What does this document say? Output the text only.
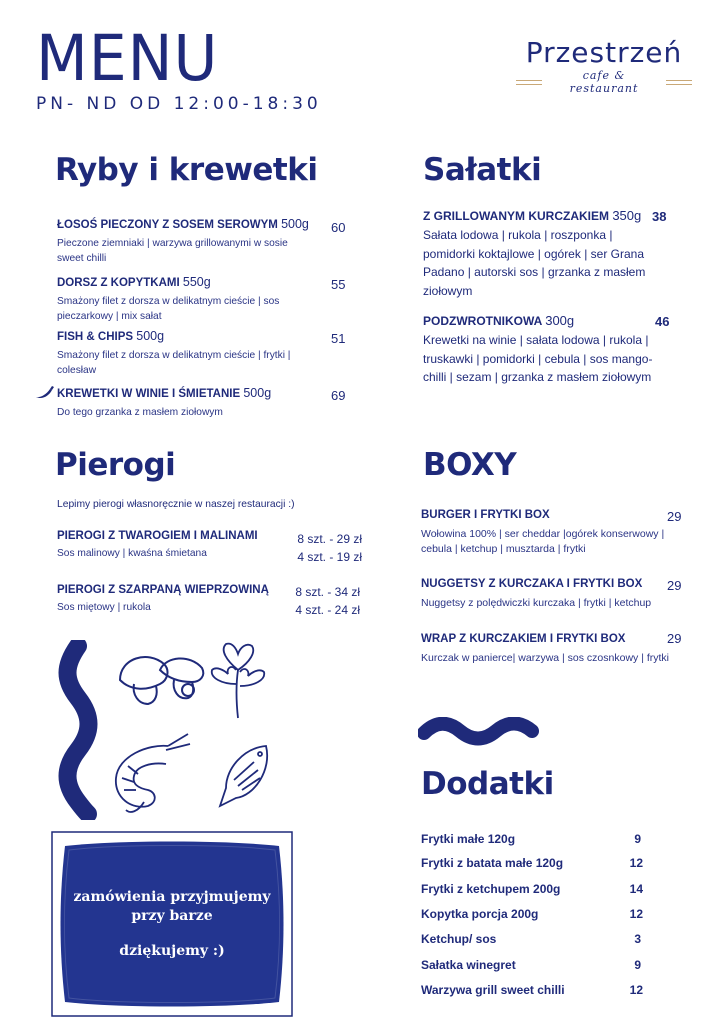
MENU
PN- ND OD 12:00-18:30
Przestrzeń
cafe & restaurant
Ryby i krewetki
ŁOSOŚ PIECZONY Z SOSEM SEROWYM 500g
Pieczone ziemniaki | warzywa grillowanymi w sosie sweet chilli
60
DORSZ Z KOPYTKAMI 550g
Smażony filet z dorsza w delikatnym cieście | sos pieczarkowy | mix sałat
55
FISH & CHIPS 500g
Smażony filet z dorsza w delikatnym cieście | frytki | colesław
51
KREWETKI W WINIE I ŚMIETANIE 500g
Do tego grzanka z masłem ziołowym
69
Sałatki
Z GRILLOWANYM KURCZAKIEM 350g
Sałata lodowa | rukola | roszponka | pomidorki koktajlowe | ogórek | ser Grana Padano | autorski sos | grzanka z masłem ziołowym
38
PODZWROTNIKOWA 300g
Krewetki na winie | sałata lodowa | rukola | truskawki | pomidorki | cebula | sos mango- chilli | sezam | grzanka z masłem ziołowym
46
Pierogi
Lepimy pierogi własnoręcznie w naszej restauracji :)
PIEROGI Z TWAROGIEM I MALINAMI
Sos malinowy | kwaśna śmietana
8 szt. - 29 zł
4 szt. - 19 zł
PIEROGI Z SZARPANĄ WIEPRZOWINĄ
Sos miętowy | rukola
8 szt. - 34 zł
4 szt. - 24 zł
BOXY
BURGER I FRYTKI BOX
Wołowina 100% | ser cheddar |ogórek konserwowy | cebula | ketchup | musztarda | frytki
29
NUGGETSY Z KURCZAKA I FRYTKI BOX
Nuggetsy z polędwiczki kurczaka | frytki | ketchup
29
WRAP Z KURCZAKIEM I FRYTKI BOX
Kurczak w panierce| warzywa | sos czosnkowy | frytki
29
Dodatki
Frytki małe 120g	9
Frytki z batata małe 120g	12
Frytki z ketchupem 200g	14
Kopytka porcja 200g	12
Ketchup/ sos	3
Sałatka winegret	9
Warzywa grill sweet chilli	12
zamówienia przyjmujemy
przy barze
dziękujemy :)
